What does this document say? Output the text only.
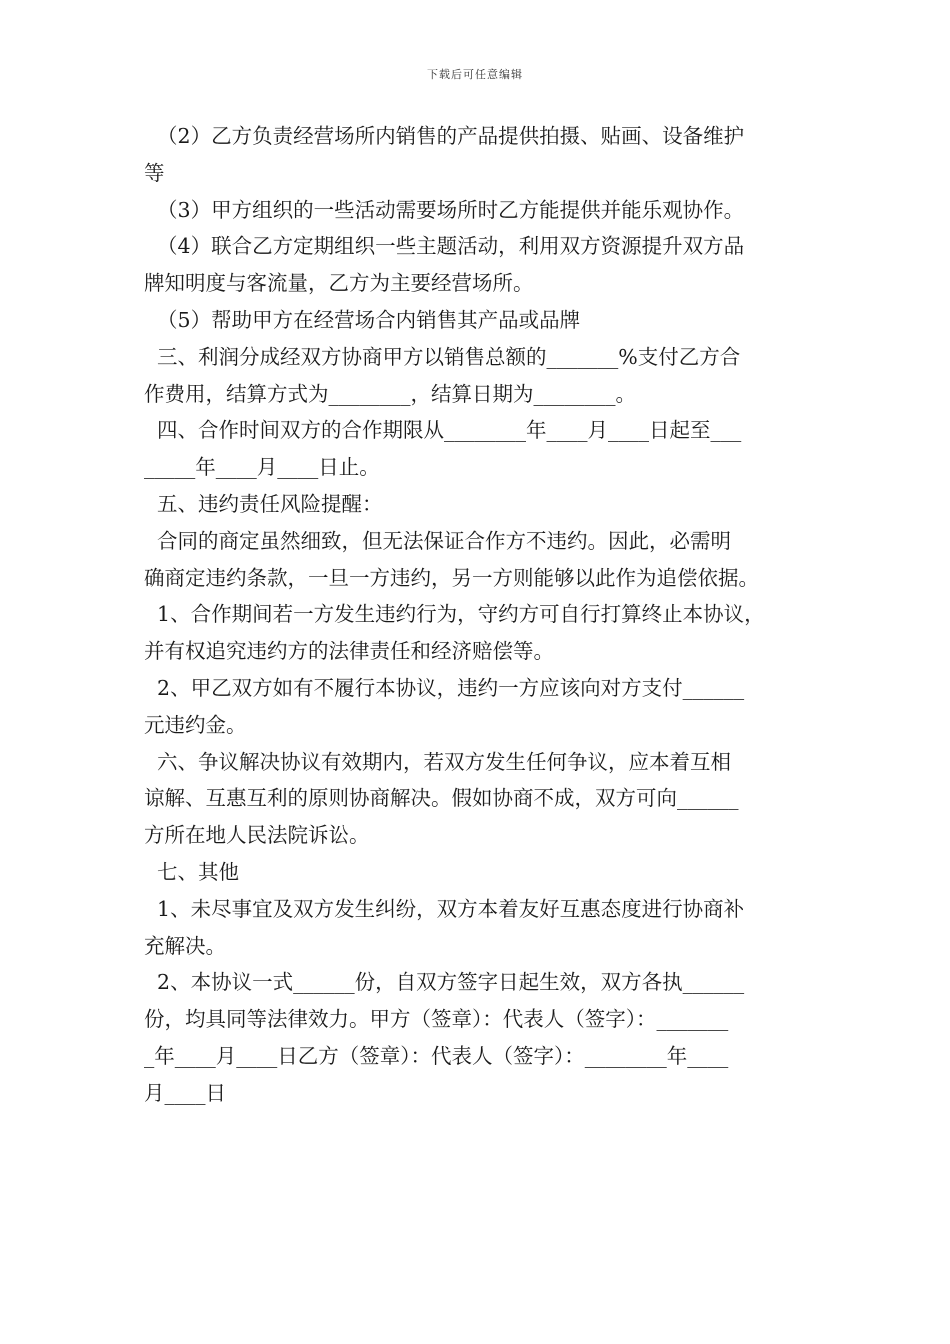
下载后可任意编辑
（2）乙方负责经营场所内销售的产品提供拍摄、贴画、设备维护
等
（3）甲方组织的一些活动需要场所时乙方能提供并能乐观协作。
（4）联合乙方定期组织一些主题活动，利用双方资源提升双方品
牌知明度与客流量，乙方为主要经营场所。
（5）帮助甲方在经营场合内销售其产品或品牌
三、利润分成经双方协商甲方以销售总额的_______%支付乙方合
作费用，结算方式为________，结算日期为________。
四、合作时间双方的合作期限从________年____月____日起至___
_____年____月____日止。
五、违约责任风险提醒：
合同的商定虽然细致，但无法保证合作方不违约。因此，必需明
确商定违约条款，一旦一方违约，另一方则能够以此作为追偿依据。
1、合作期间若一方发生违约行为，守约方可自行打算终止本协议，
并有权追究违约方的法律责任和经济赔偿等。
2、甲乙双方如有不履行本协议，违约一方应该向对方支付______
元违约金。
六、争议解决协议有效期内，若双方发生任何争议，应本着互相
谅解、互惠互利的原则协商解决。假如协商不成，双方可向______
方所在地人民法院诉讼。
七、其他
1、未尽事宜及双方发生纠纷，双方本着友好互惠态度进行协商补
充解决。
2、本协议一式______份，自双方签字日起生效，双方各执______
份，均具同等法律效力。甲方（签章）：代表人（签字）：_______
_年____月____日乙方（签章）：代表人（签字）：________年____
月____日
